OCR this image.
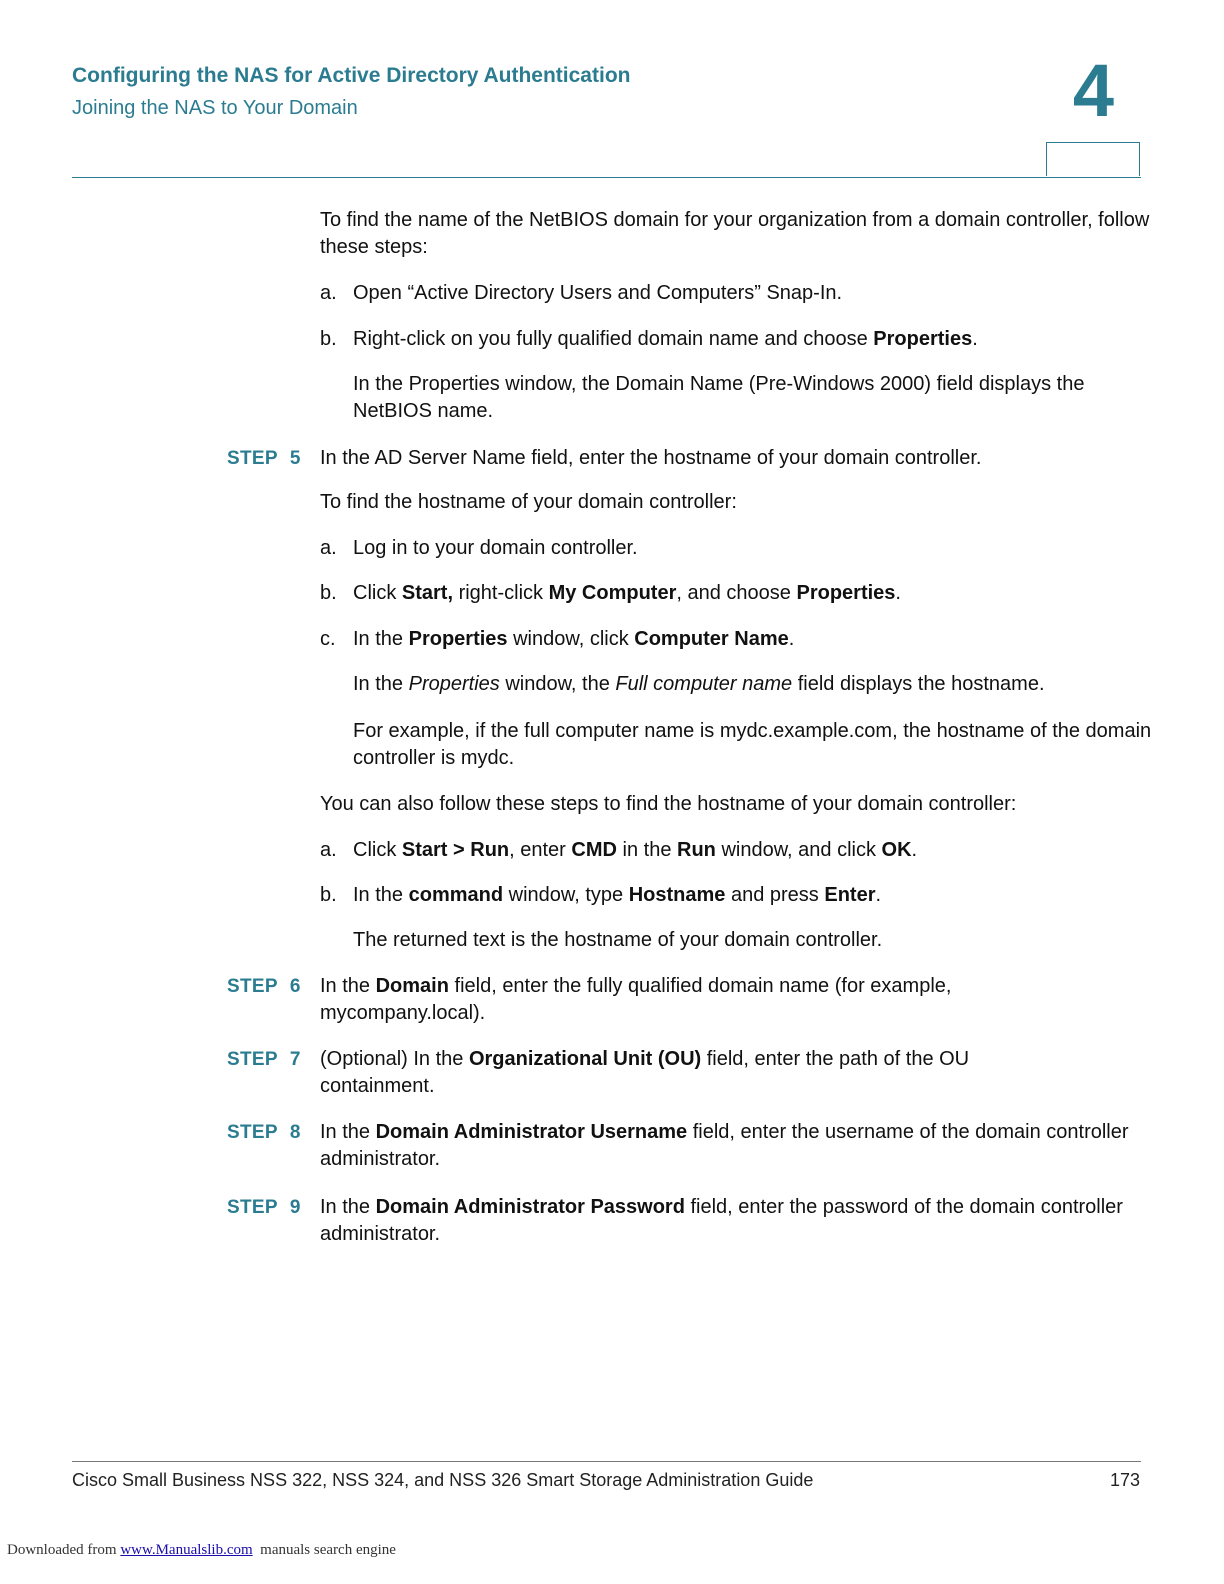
Configuring the NAS for Active Directory Authentication
Joining the NAS to Your Domain	4

To find the name of the NetBIOS domain for your organization from a domain controller, follow these steps:

a. Open “Active Directory Users and Computers” Snap-In.

b. Right-click on you fully qualified domain name and choose Properties.

In the Properties window, the Domain Name (Pre-Windows 2000) field displays the NetBIOS name.

STEP 5 In the AD Server Name field, enter the hostname of your domain controller.

To find the hostname of your domain controller:

a. Log in to your domain controller.

b. Click Start, right-click My Computer, and choose Properties.

c. In the Properties window, click Computer Name.

In the Properties window, the Full computer name field displays the hostname.

For example, if the full computer name is mydc.example.com, the hostname of the domain controller is mydc.

You can also follow these steps to find the hostname of your domain controller:

a. Click Start > Run, enter CMD in the Run window, and click OK.

b. In the command window, type Hostname and press Enter.

The returned text is the hostname of your domain controller.

STEP 6 In the Domain field, enter the fully qualified domain name (for example, mycompany.local).

STEP 7 (Optional) In the Organizational Unit (OU) field, enter the path of the OU containment.

STEP 8 In the Domain Administrator Username field, enter the username of the domain controller administrator.

STEP 9 In the Domain Administrator Password field, enter the password of the domain controller administrator.

Cisco Small Business NSS 322, NSS 324, and NSS 326 Smart Storage Administration Guide	173
Downloaded from www.Manualslib.com  manuals search engine
